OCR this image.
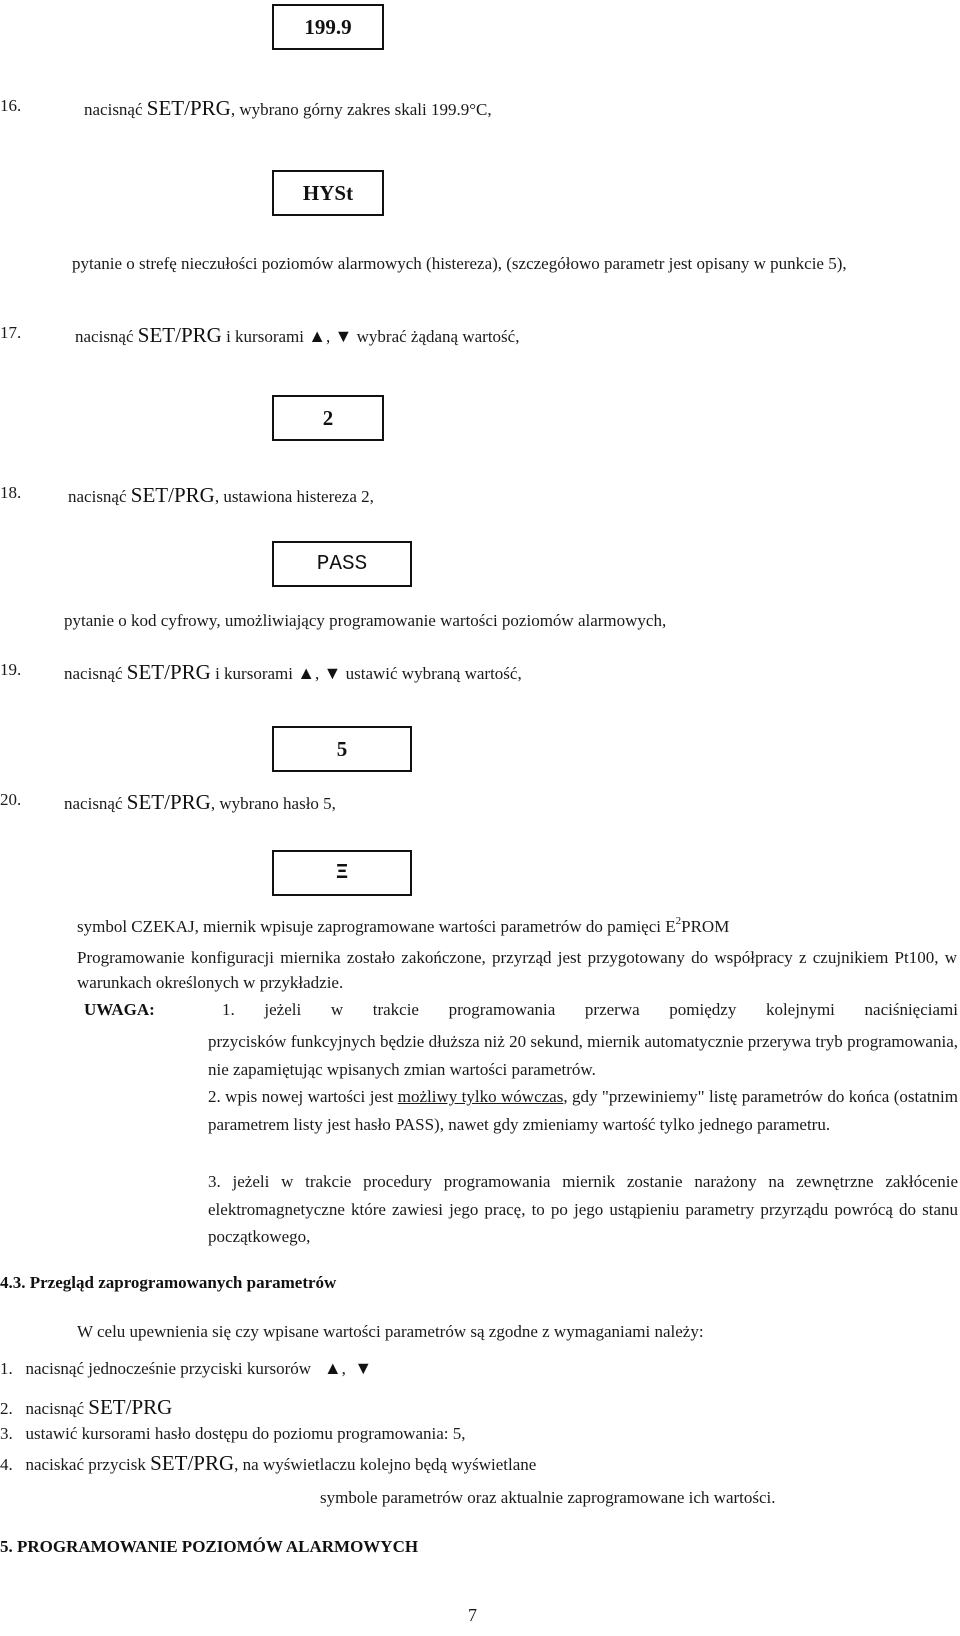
199.9
16.	nacisnąć SET/PRG, wybrano górny zakres skali 199.9°C,
HYSt
pytanie o strefę nieczułości poziomów alarmowych (histereza), (szczegółowo parametr jest opisany w punkcie 5),
17.	nacisnąć SET/PRG i kursorami ▲, ▼ wybrać żądaną wartość,
2
18.	nacisnąć SET/PRG, ustawiona histereza 2,
PASS
pytanie o kod cyfrowy, umożliwiający programowanie wartości poziomów alarmowych,
19.	nacisnąć SET/PRG i kursorami ▲, ▼ ustawić wybraną wartość,
5
20.	nacisnąć SET/PRG, wybrano hasło 5,
Ξ
symbol CZEKAJ, miernik wpisuje zaprogramowane wartości parametrów do pamięci $E^2PROM$
Programowanie konfiguracji miernika zostało zakończone, przyrząd jest przygotowany do współpracy z czujnikiem Pt100, w warunkach określonych w przykładzie.
UWAGA:	1. jeżeli w trakcie programowania przerwa pomiędzy kolejnymi naciśnięciami
przycisków funkcyjnych będzie dłuższa niż 20 sekund, miernik automatycznie przerywa tryb programowania, nie zapamiętując wpisanych zmian wartości parametrów.
2. wpis nowej wartości jest możliwy tylko wówczas, gdy "przewiniemy" listę parametrów do końca (ostatnim parametrem listy jest hasło PASS), nawet gdy zmieniamy wartość tylko jednego parametru.
3. jeżeli w trakcie procedury programowania miernik zostanie narażony na zewnętrzne zakłócenie elektromagnetyczne które zawiesi jego pracę, to po jego ustąpieniu parametry przyrządu powrócą do stanu początkowego,
4.3. Przegląd zaprogramowanych parametrów
W celu upewnienia się czy wpisane wartości parametrów są zgodne z wymaganiami należy:
1. nacisnąć jednocześnie przyciski kursorów   ▲, ▼
2. nacisnąć SET/PRG
3. ustawić kursorami hasło dostępu do poziomu programowania: 5,
4. naciskać przycisk SET/PRG, na wyświetlaczu kolejno będą wyświetlane
symbole parametrów oraz aktualnie zaprogramowane ich wartości.
5. PROGRAMOWANIE POZIOMÓW ALARMOWYCH
7
